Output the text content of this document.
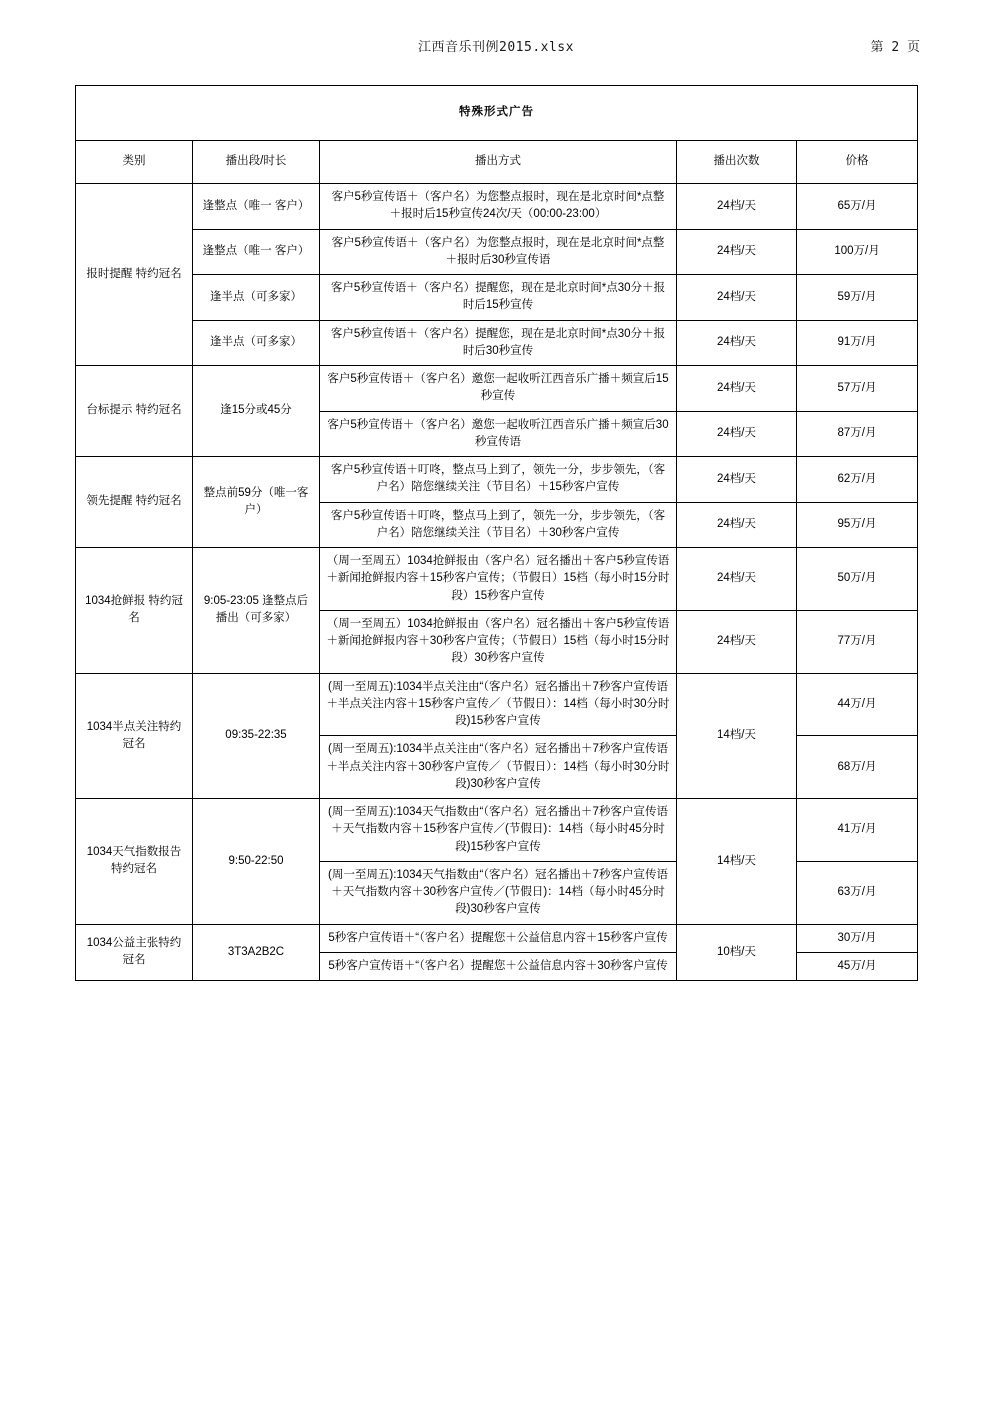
江西音乐刊例2015.xlsx	第 2 页
特殊形式广告				
类别	播出段/时长	播出方式	播出次数	价格
报时提醒 特约冠名	逢整点（唯一 客户）	客户5秒宣传语＋（客户名）为您整点报时，现在是北京时间*点整＋报时后15秒宣传24次/天（00:00-23:00）	24档/天	65万/月
	逢整点（唯一 客户）	客户5秒宣传语＋（客户名）为您整点报时，现在是北京时间*点整＋报时后30秒宣传语	24档/天	100万/月
	逢半点（可多家）	客户5秒宣传语＋（客户名）提醒您，现在是北京时间*点30分＋报时后15秒宣传	24档/天	59万/月
	逢半点（可多家）	客户5秒宣传语＋（客户名）提醒您，现在是北京时间*点30分＋报时后30秒宣传	24档/天	91万/月
台标提示 特约冠名	逢15分或45分	客户5秒宣传语＋（客户名）邀您一起收听江西音乐广播＋频宣后15秒宣传	24档/天	57万/月
		客户5秒宣传语＋（客户名）邀您一起收听江西音乐广播＋频宣后30秒宣传语	24档/天	87万/月
领先提醒 特约冠名	整点前59分（唯一客户）	客户5秒宣传语＋叮咚，整点马上到了，领先一分，步步领先，（客户名）陪您继续关注（节目名）＋15秒客户宣传	24档/天	62万/月
		客户5秒宣传语＋叮咚，整点马上到了，领先一分，步步领先，（客户名）陪您继续关注（节目名）＋30秒客户宣传	24档/天	95万/月
1034抢鲜报 特约冠名	9:05-23:05 逢整点后播出（可多家）	（周一至周五）1034抢鲜报由（客户名）冠名播出＋客户5秒宣传语＋新闻抢鲜报内容＋15秒客户宣传；（节假日）15档（每小时15分时段）15秒客户宣传	24档/天	50万/月
		（周一至周五）1034抢鲜报由（客户名）冠名播出＋客户5秒宣传语＋新闻抢鲜报内容＋30秒客户宣传；（节假日）15档（每小时15分时段）30秒客户宣传	24档/天	77万/月
1034半点关注特约冠名	09:35-22:35	(周一至周五):1034半点关注由“（客户名）冠名播出＋7秒客户宣传语＋半点关注内容＋15秒客户宣传／（节假日）：14档（每小时30分时段)15秒客户宣传	14档/天	44万/月
		(周一至周五):1034半点关注由“（客户名）冠名播出＋7秒客户宣传语＋半点关注内容＋30秒客户宣传／（节假日）：14档（每小时30分时段)30秒客户宣传		68万/月
1034天气指数报告特约冠名	9:50-22:50	(周一至周五):1034天气指数由“（客户名）冠名播出＋7秒客户宣传语＋天气指数内容＋15秒客户宣传／(节假日)：14档（每小时45分时段)15秒客户宣传	14档/天	41万/月
		(周一至周五):1034天气指数由“（客户名）冠名播出＋7秒客户宣传语＋天气指数内容＋30秒客户宣传／(节假日)：14档（每小时45分时段)30秒客户宣传		63万/月
1034公益主张特约冠名	3T3A2B2C	5秒客户宣传语＋“（客户名）提醒您＋公益信息内容＋15秒客户宣传	10档/天	30万/月
		5秒客户宣传语＋“（客户名）提醒您＋公益信息内容＋30秒客户宣传		45万/月
